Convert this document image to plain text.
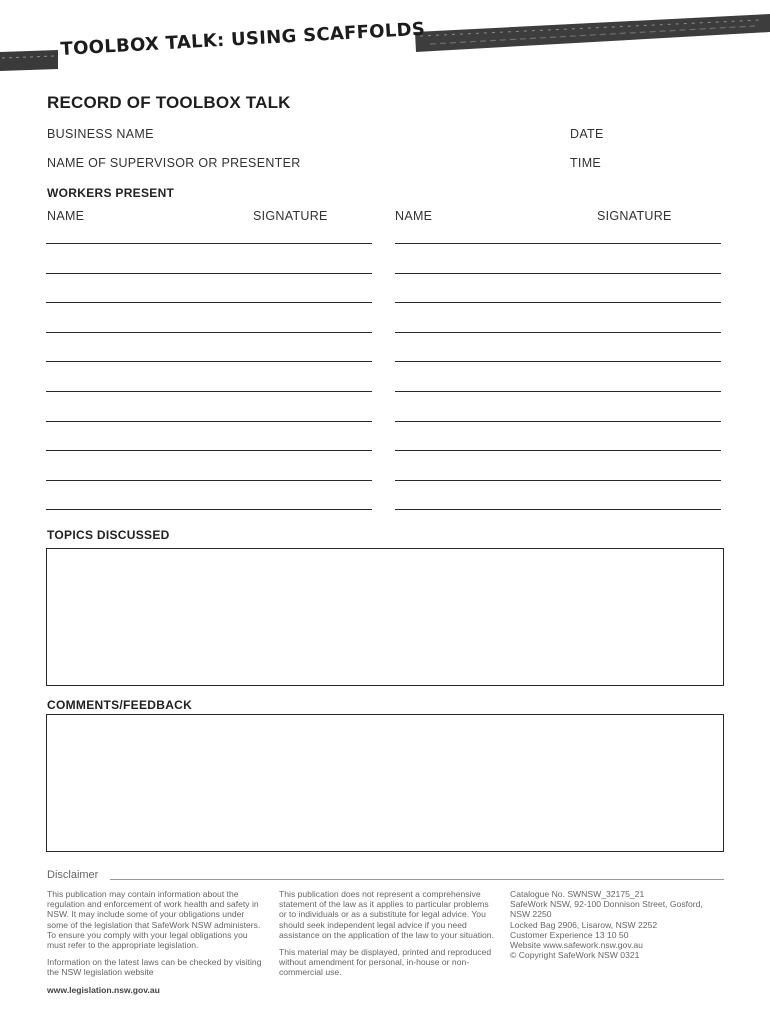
TOOLBOX TALK: USING SCAFFOLDS
RECORD OF TOOLBOX TALK
BUSINESS NAME	DATE
NAME OF SUPERVISOR OR PRESENTER	TIME
WORKERS PRESENT
NAME	SIGNATURE	NAME	SIGNATURE
TOPICS DISCUSSED
COMMENTS/FEEDBACK
Disclaimer

This publication may contain information about the regulation and enforcement of work health and safety in NSW. It may include some of your obligations under some of the legislation that SafeWork NSW administers. To ensure you comply with your legal obligations you must refer to the appropriate legislation.

Information on the latest laws can be checked by visiting the NSW legislation website

www.legislation.nsw.gov.au

This publication does not represent a comprehensive statement of the law as it applies to particular problems or to individuals or as a substitute for legal advice. You should seek independent legal advice if you need assistance on the application of the law to your situation.

This material may be displayed, printed and reproduced without amendment for personal, in-house or non-commercial use.

Catalogue No. SWNSW_32175_21
SafeWork NSW, 92-100 Donnison Street, Gosford, NSW 2250
Locked Bag 2906, Lisarow, NSW 2252
Customer Experience 13 10 50
Website www.safework.nsw.gov.au
© Copyright SafeWork NSW 0321
